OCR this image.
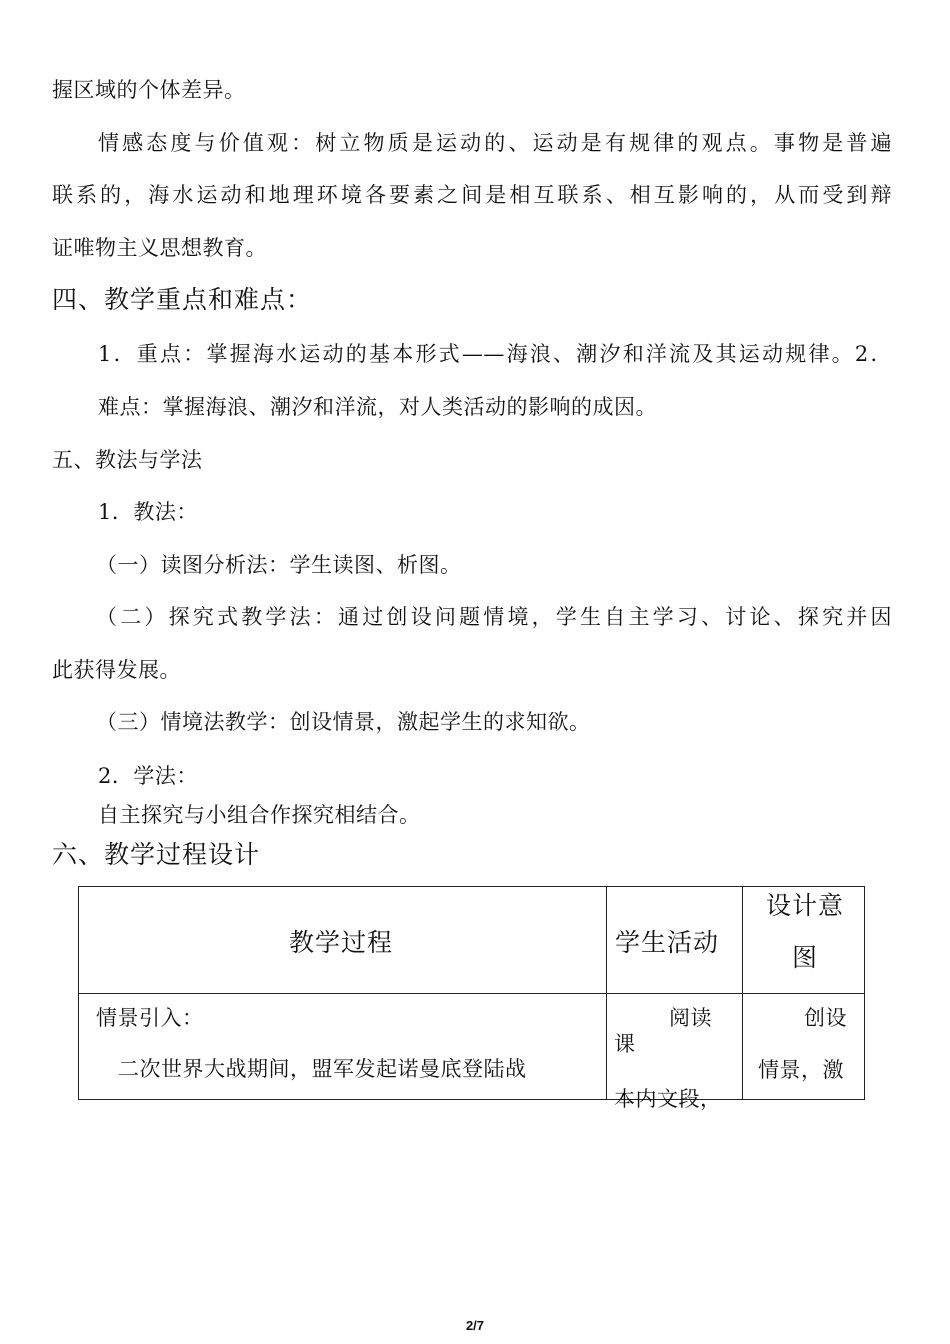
握区域的个体差异。
情感态度与价值观：树立物质是运动的、运动是有规律的观点。事物是普遍
联系的，海水运动和地理环境各要素之间是相互联系、相互影响的，从而受到辩
证唯物主义思想教育。
四、教学重点和难点：
1．重点：掌握海水运动的基本形式——海浪、潮汐和洋流及其运动规律。2．
难点：掌握海浪、潮汐和洋流，对人类活动的影响的成因。
五、教法与学法
1．教法：
（一）读图分析法：学生读图、析图。
（二）探究式教学法：通过创设问题情境，学生自主学习、讨论、探究并因
此获得发展。
（三）情境法教学：创设情景，激起学生的求知欲。
2．学法：
自主探究与小组合作探究相结合。
六、教学过程设计
教学过程	学生活动
设计意
图
情景引入：
二次世界大战期间，盟军发起诺曼底登陆战
阅读
课
本内文段，
创设
情景，激
2/7
